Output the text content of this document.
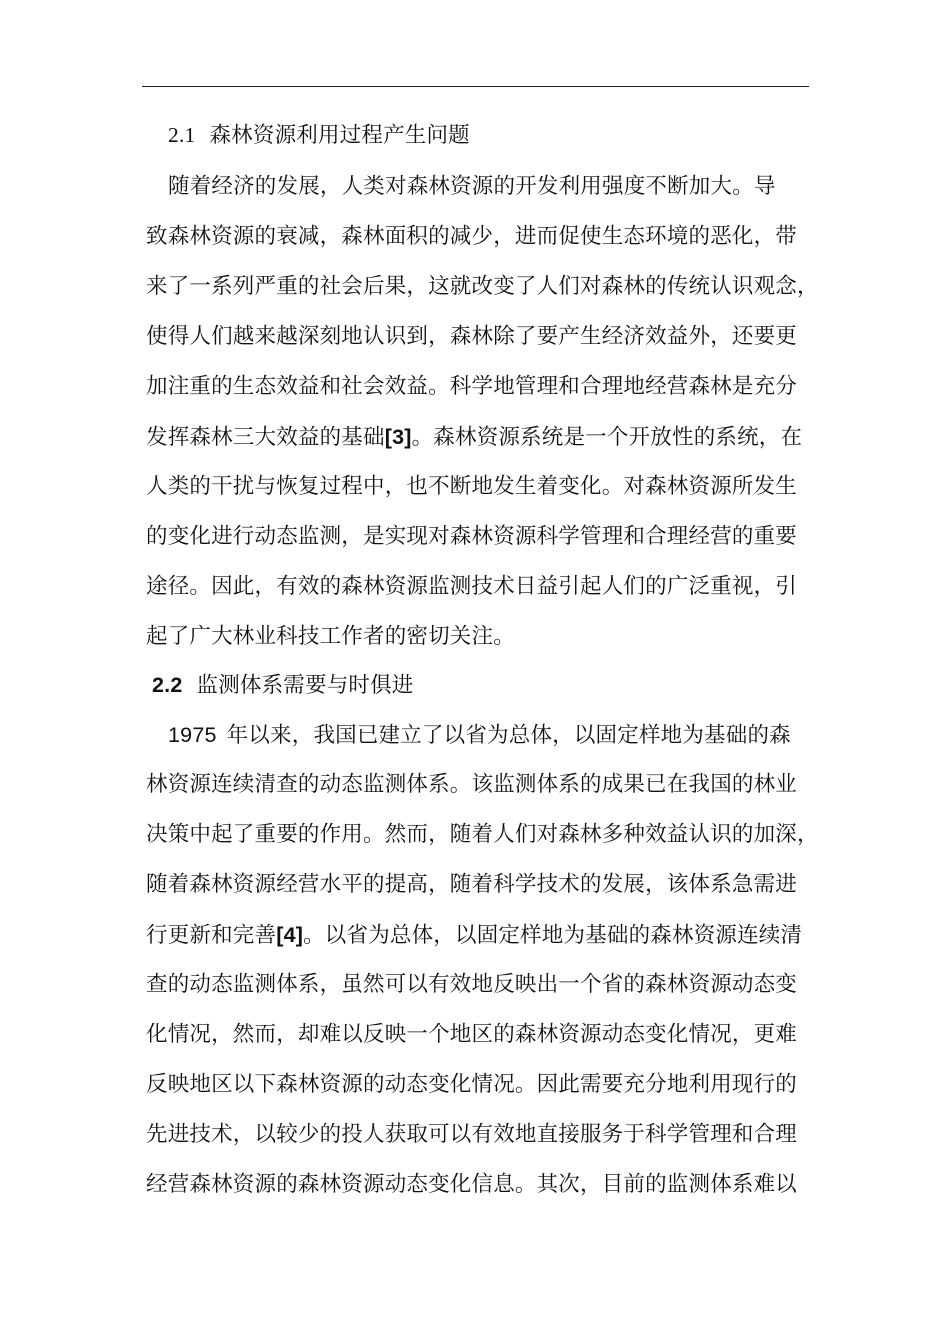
2.1 森林资源利用过程产生问题
随着经济的发展，人类对森林资源的开发利用强度不断加大。导
致森林资源的衰减，森林面积的减少，进而促使生态环境的恶化，带
来了一系列严重的社会后果，这就改变了人们对森林的传统认识观念，
使得人们越来越深刻地认识到，森林除了要产生经济效益外，还要更
加注重的生态效益和社会效益。科学地管理和合理地经营森林是充分
发挥森林三大效益的基础[3]。森林资源系统是一个开放性的系统，在
人类的干扰与恢复过程中，也不断地发生着变化。对森林资源所发生
的变化进行动态监测，是实现对森林资源科学管理和合理经营的重要
途径。因此，有效的森林资源监测技术日益引起人们的广泛重视，引
起了广大林业科技工作者的密切关注。
2.2 监测体系需要与时俱进
1975 年以来，我国已建立了以省为总体，以固定样地为基础的森
林资源连续清查的动态监测体系。该监测体系的成果已在我国的林业
决策中起了重要的作用。然而，随着人们对森林多种效益认识的加深，
随着森林资源经营水平的提高，随着科学技术的发展，该体系急需进
行更新和完善[4]。以省为总体，以固定样地为基础的森林资源连续清
查的动态监测体系，虽然可以有效地反映出一个省的森林资源动态变
化情况，然而，却难以反映一个地区的森林资源动态变化情况，更难
反映地区以下森林资源的动态变化情况。因此需要充分地利用现行的
先进技术，以较少的投人获取可以有效地直接服务于科学管理和合理
经营森林资源的森林资源动态变化信息。其次，目前的监测体系难以
